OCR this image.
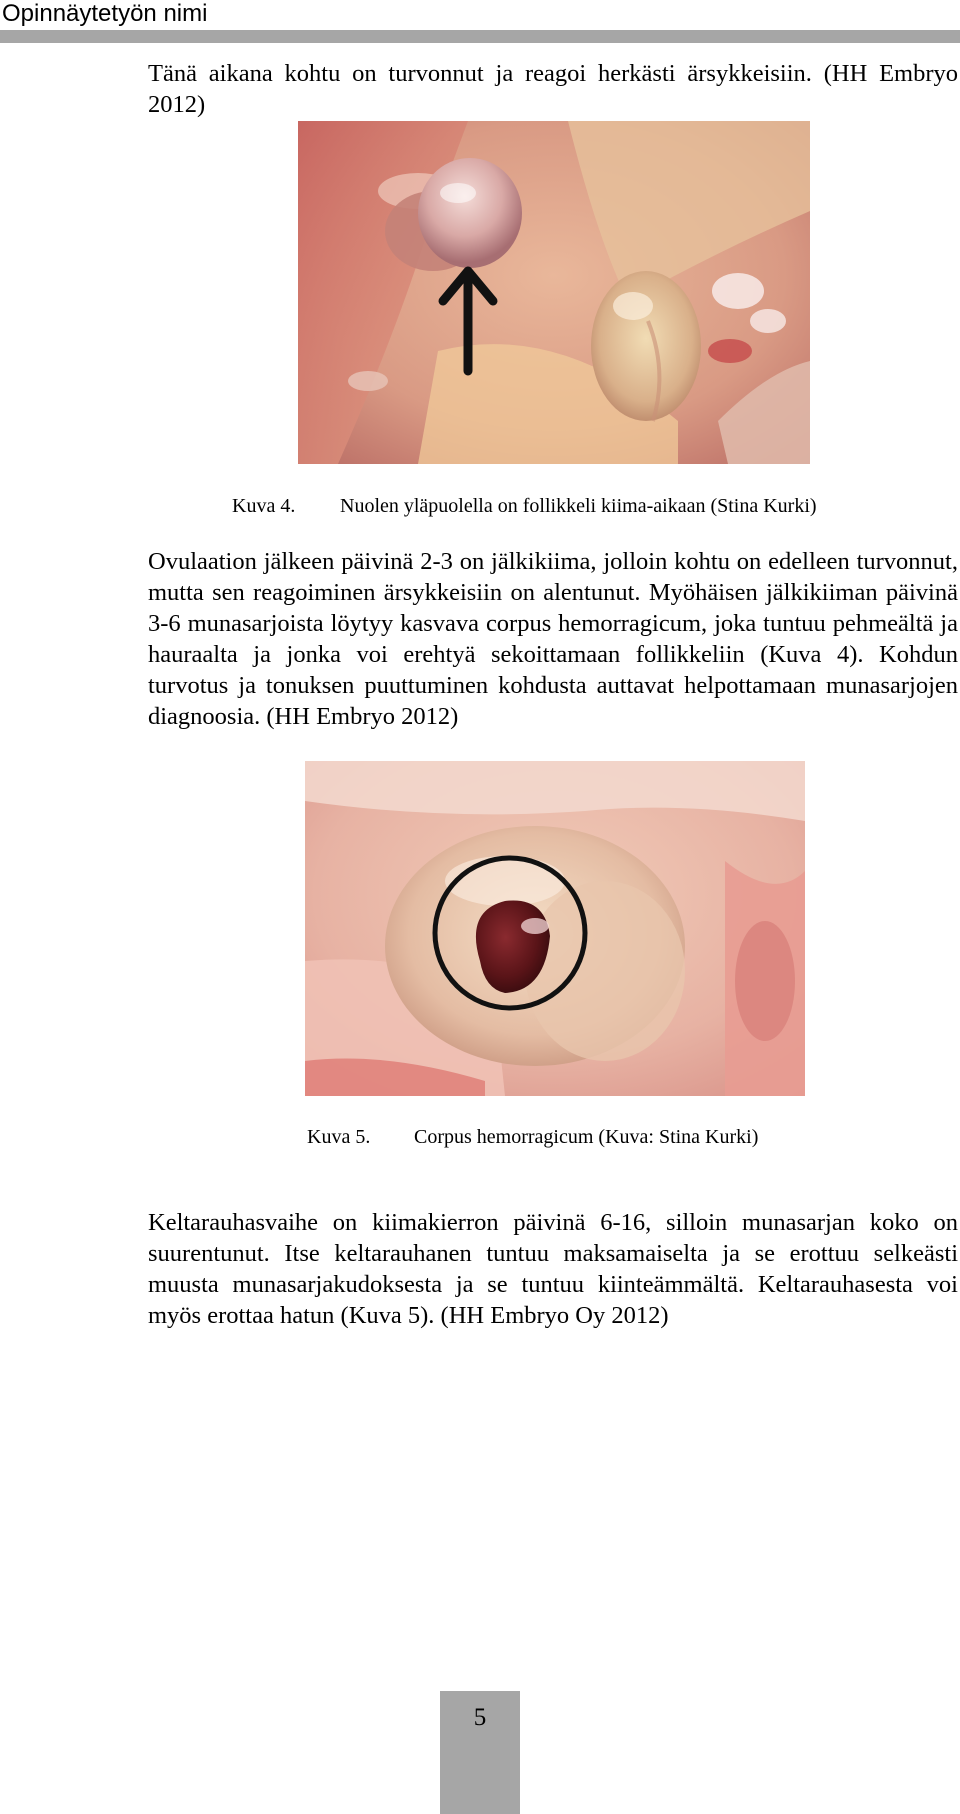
Opinnäytetyön nimi

Tänä aikana kohtu on turvonnut ja reagoi herkästi ärsykkeisiin. (HH Embryo 2012)

Kuva 4. Nuolen yläpuolella on follikkeli kiima-aikaan (Stina Kurki)

Ovulaation jälkeen päivinä 2-3 on jälkikiima, jolloin kohtu on edelleen turvonnut, mutta sen reagoiminen ärsykkeisiin on alentunut. Myöhäisen jälkikiiman päivinä 3-6 munasarjoista löytyy kasvava corpus hemorragicum, joka tuntuu pehmeältä ja hauraalta ja jonka voi erehtyä sekoittamaan follikkeliin (Kuva 4). Kohdun turvotus ja tonuksen puuttuminen kohdusta auttavat helpottamaan munasarjojen diagnoosia. (HH Embryo 2012)

Kuva 5. Corpus hemorragicum (Kuva: Stina Kurki)

Keltarauhasvaihe on kiimakierron päivinä 6-16, silloin munasarjan koko on suurentunut. Itse keltarauhanen tuntuu maksamaiselta ja se erottuu selkeästi muusta munasarjakudoksesta ja se tuntuu kiinteämmältä. Keltarauhasesta voi myös erottaa hatun (Kuva 5). (HH Embryo Oy 2012)

5
